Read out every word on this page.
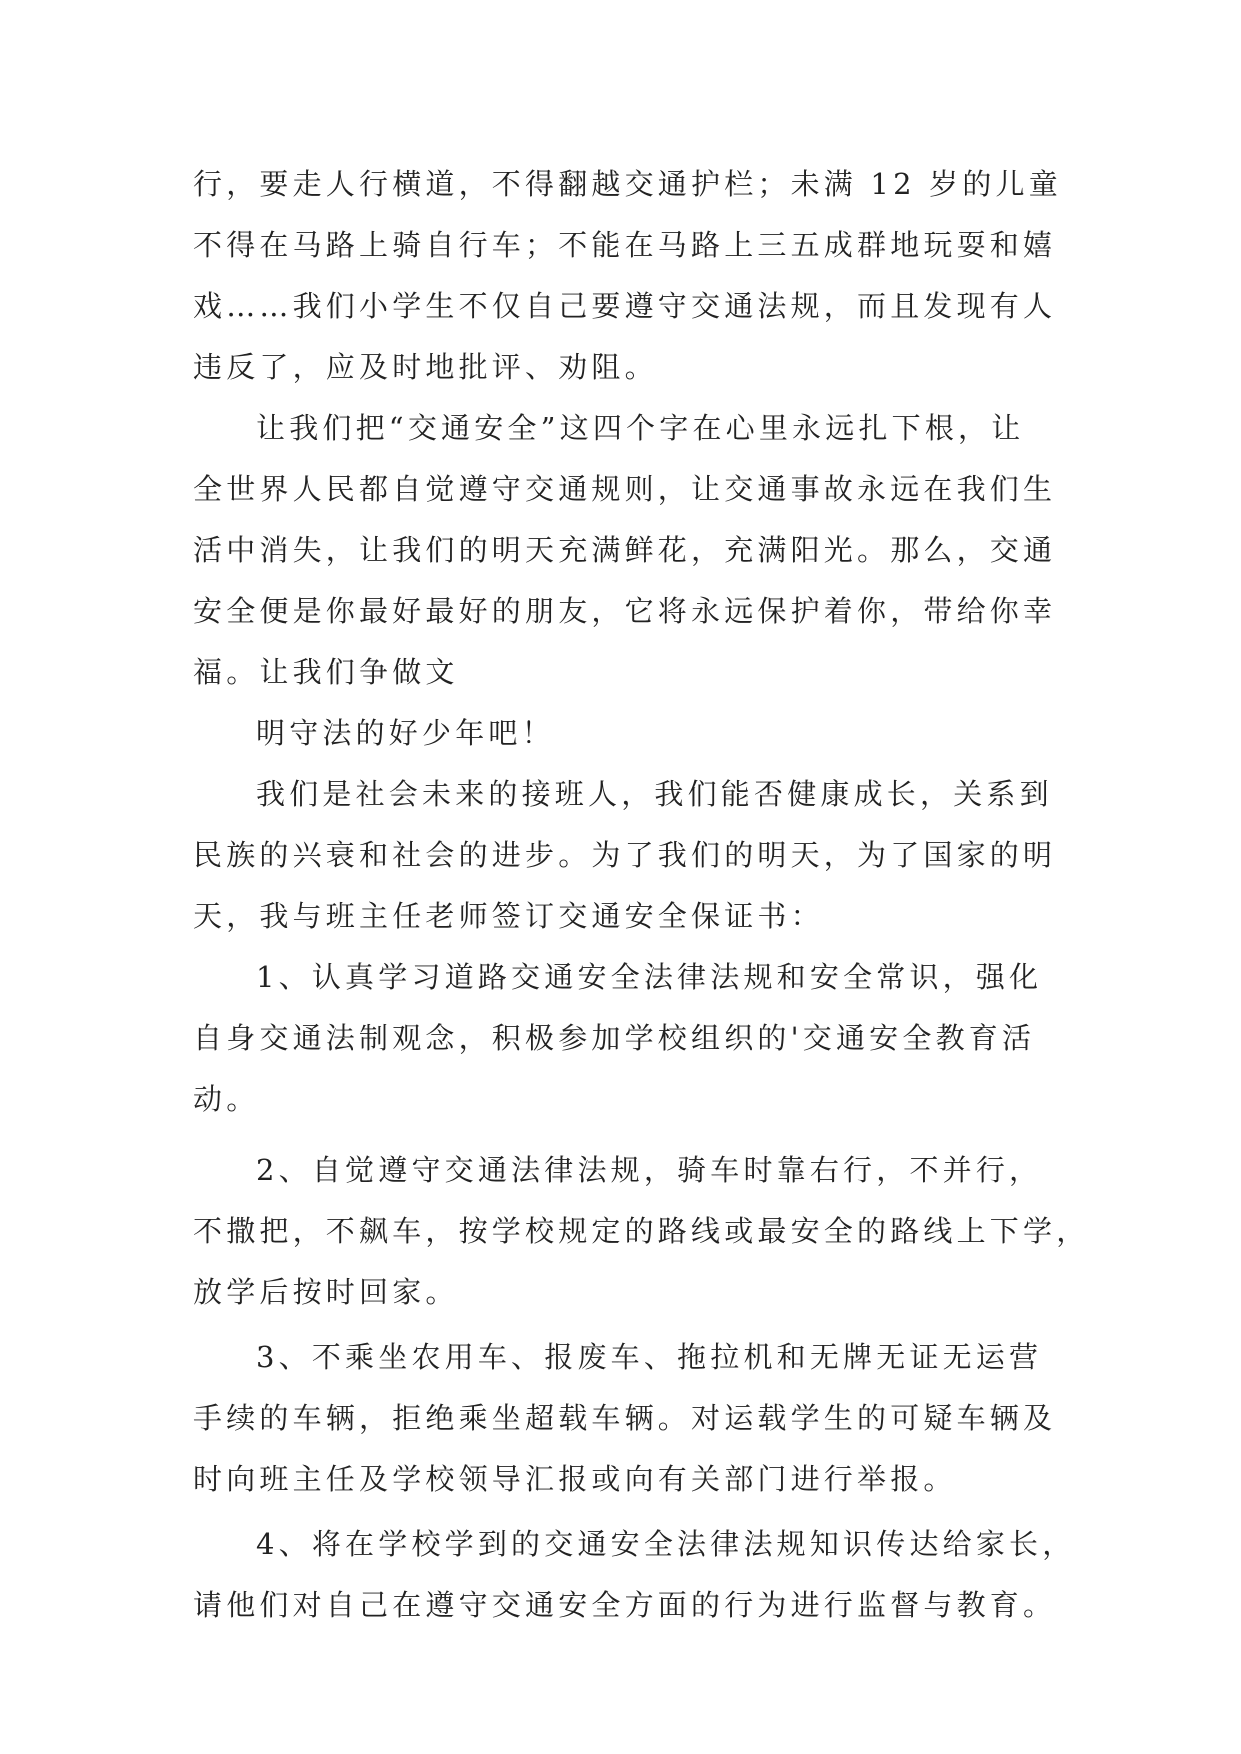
行，要走人行横道，不得翻越交通护栏；未满 12 岁的儿童
不得在马路上骑自行车；不能在马路上三五成群地玩耍和嬉
戏……我们小学生不仅自己要遵守交通法规，而且发现有人
违反了，应及时地批评、劝阻。
让我们把“交通安全”这四个字在心里永远扎下根，让
全世界人民都自觉遵守交通规则，让交通事故永远在我们生
活中消失，让我们的明天充满鲜花，充满阳光。那么，交通
安全便是你最好最好的朋友，它将永远保护着你，带给你幸
福。让我们争做文
明守法的好少年吧！
我们是社会未来的接班人，我们能否健康成长，关系到
民族的兴衰和社会的进步。为了我们的明天，为了国家的明
天，我与班主任老师签订交通安全保证书：
1、认真学习道路交通安全法律法规和安全常识，强化
自身交通法制观念，积极参加学校组织的'交通安全教育活
动。
2、自觉遵守交通法律法规，骑车时靠右行，不并行，
不撒把，不飙车，按学校规定的路线或最安全的路线上下学，
放学后按时回家。
3、不乘坐农用车、报废车、拖拉机和无牌无证无运营
手续的车辆，拒绝乘坐超载车辆。对运载学生的可疑车辆及
时向班主任及学校领导汇报或向有关部门进行举报。
4、将在学校学到的交通安全法律法规知识传达给家长，
请他们对自己在遵守交通安全方面的行为进行监督与教育。
